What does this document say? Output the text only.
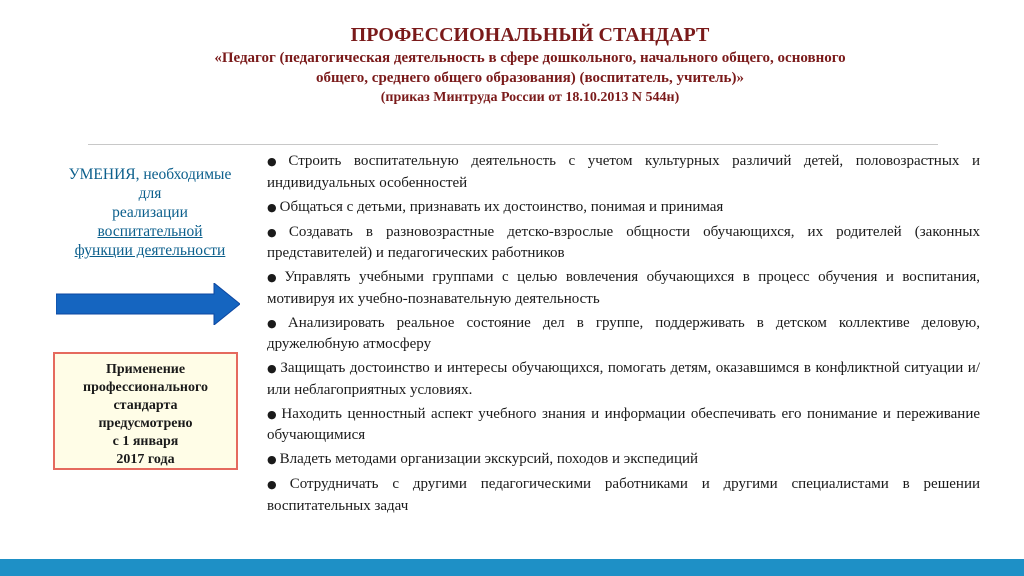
ПРОФЕССИОНАЛЬНЫЙ СТАНДАРТ
«Педагог (педагогическая деятельность в сфере дошкольного, начального общего, основного
общего, среднего общего образования) (воспитатель, учитель)»
(приказ Минтруда России от 18.10.2013 N 544н)
УМЕНИЯ, необходимые
для
реализации
воспитательной
функции деятельности
Применение
профессионального
стандарта
предусмотрено
с 1 января
2017 года
● Строить воспитательную деятельность с учетом культурных различий детей, половозрастных и индивидуальных особенностей
● Общаться с детьми, признавать их достоинство, понимая и принимая
● Создавать в разновозрастные детско-взрослые общности обучающихся, их родителей (законных представителей) и педагогических работников
● Управлять учебными группами с целью вовлечения обучающихся в процесс обучения и воспитания, мотивируя их учебно-познавательную деятельность
● Анализировать реальное состояние дел в группе, поддерживать в детском коллективе деловую, дружелюбную атмосферу
● Защищать достоинство и интересы обучающихся, помогать детям, оказавшимся в конфликтной ситуации и/или неблагоприятных условиях.
● Находить ценностный аспект учебного знания и информации обеспечивать его понимание и переживание обучающимися
● Владеть методами организации экскурсий, походов и экспедиций
● Сотрудничать с другими педагогическими работниками и другими специалистами в решении воспитательных задач
